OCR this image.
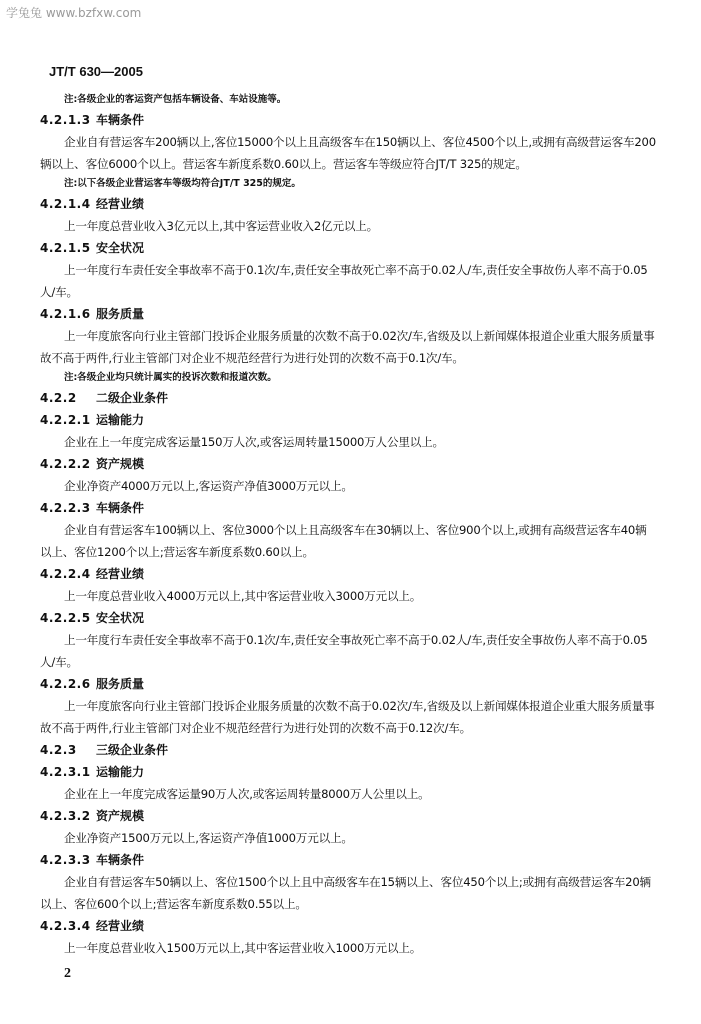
学兔兔 www.bzfxw.com
JT/T 630—2005
注:各级企业的客运资产包括车辆设备、车站设施等。
4.2.1.3 车辆条件
企业自有营运客车200辆以上,客位15000个以上且高级客车在150辆以上、客位4500个以上,或拥有高级营运客车200辆以上、客位6000个以上。营运客车新度系数0.60以上。营运客车等级应符合JT/T 325的规定。
注:以下各级企业营运客车等级均符合JT/T 325的规定。
4.2.1.4 经营业绩
上一年度总营业收入3亿元以上,其中客运营业收入2亿元以上。
4.2.1.5 安全状况
上一年度行车责任安全事故率不高于0.1次/车,责任安全事故死亡率不高于0.02人/车,责任安全事故伤人率不高于0.05人/车。
4.2.1.6 服务质量
上一年度旅客向行业主管部门投诉企业服务质量的次数不高于0.02次/车,省级及以上新闻媒体报道企业重大服务质量事故不高于两件,行业主管部门对企业不规范经营行为进行处罚的次数不高于0.1次/车。
注:各级企业均只统计属实的投诉次数和报道次数。
4.2.2 二级企业条件
4.2.2.1 运输能力
企业在上一年度完成客运量150万人次,或客运周转量15000万人公里以上。
4.2.2.2 资产规模
企业净资产4000万元以上,客运资产净值3000万元以上。
4.2.2.3 车辆条件
企业自有营运客车100辆以上、客位3000个以上且高级客车在30辆以上、客位900个以上,或拥有高级营运客车40辆以上、客位1200个以上;营运客车新度系数0.60以上。
4.2.2.4 经营业绩
上一年度总营业收入4000万元以上,其中客运营业收入3000万元以上。
4.2.2.5 安全状况
上一年度行车责任安全事故率不高于0.1次/车,责任安全事故死亡率不高于0.02人/车,责任安全事故伤人率不高于0.05人/车。
4.2.2.6 服务质量
上一年度旅客向行业主管部门投诉企业服务质量的次数不高于0.02次/车,省级及以上新闻媒体报道企业重大服务质量事故不高于两件,行业主管部门对企业不规范经营行为进行处罚的次数不高于0.12次/车。
4.2.3 三级企业条件
4.2.3.1 运输能力
企业在上一年度完成客运量90万人次,或客运周转量8000万人公里以上。
4.2.3.2 资产规模
企业净资产1500万元以上,客运资产净值1000万元以上。
4.2.3.3 车辆条件
企业自有营运客车50辆以上、客位1500个以上且中高级客车在15辆以上、客位450个以上;或拥有高级营运客车20辆以上、客位600个以上;营运客车新度系数0.55以上。
4.2.3.4 经营业绩
上一年度总营业收入1500万元以上,其中客运营业收入1000万元以上。
2
